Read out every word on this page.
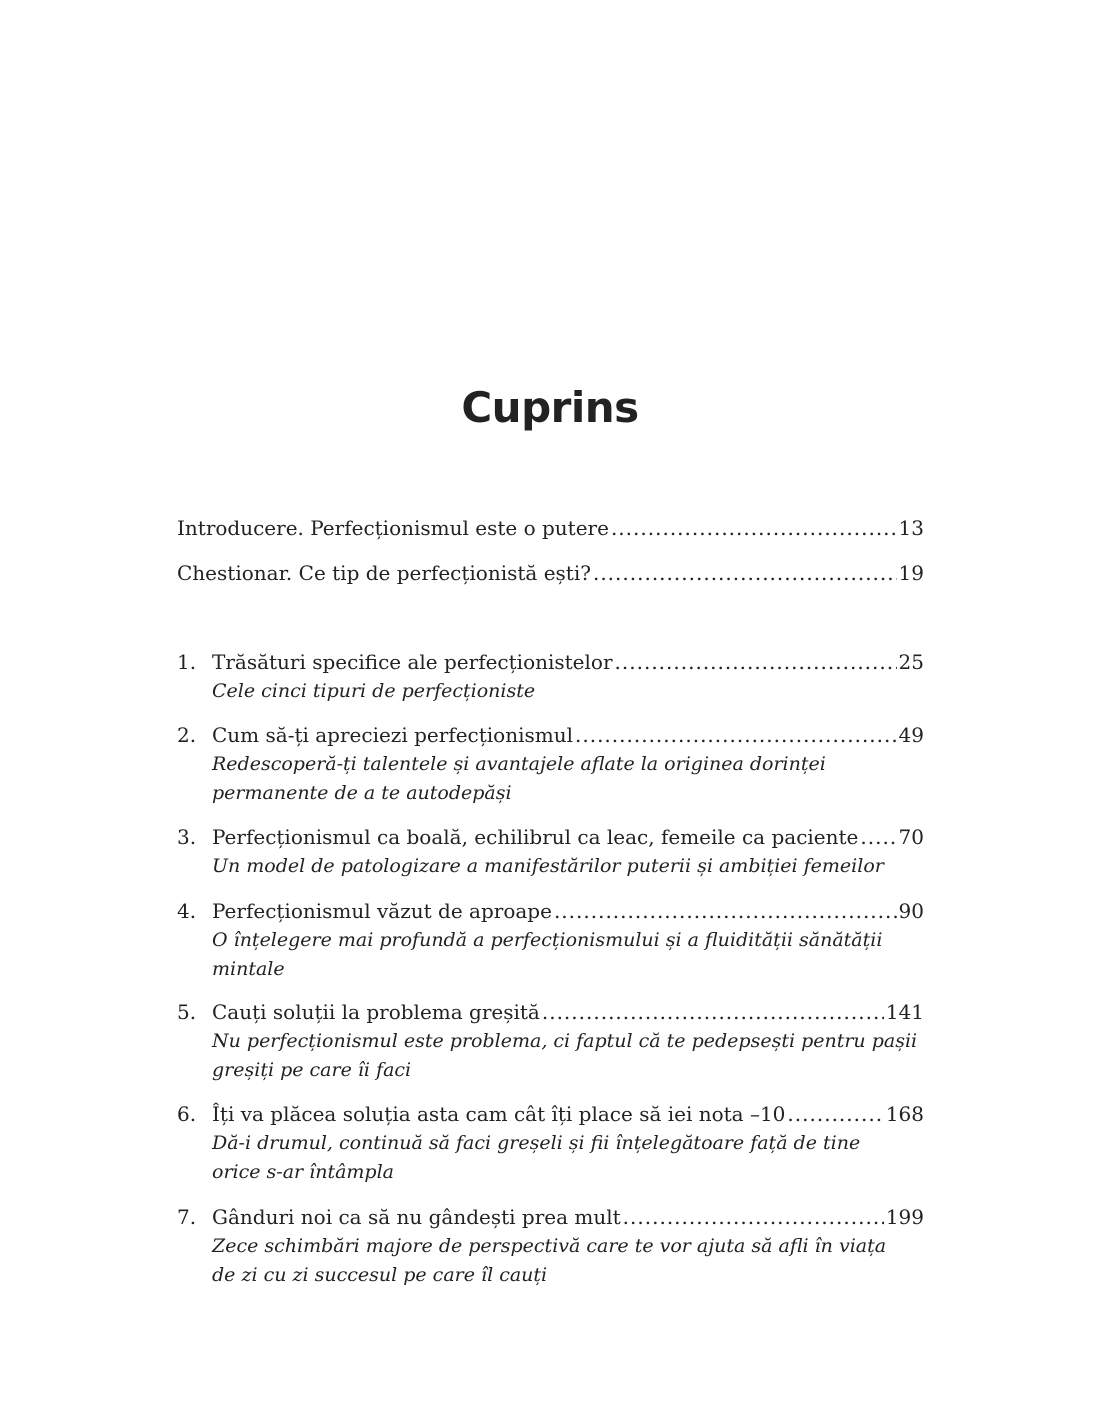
Cuprins
Introducere. Perfecționismul este o putere .....	13
Chestionar. Ce tip de perfecționistă ești? .....	19
1. Trăsături specifice ale perfecționistelor .....	25
Cele cinci tipuri de perfecționiste
2. Cum să-ți apreciezi perfecționismul .....	49
Redescoperă-ți talentele și avantajele aflate la originea dorinței
permanente de a te autodepăși
3. Perfecționismul ca boală, echilibrul ca leac, femeile ca paciente ..... 70
Un model de patologizare a manifestărilor puterii și ambiției femeilor
4. Perfecționismul văzut de aproape .....	90
O înțelegere mai profundă a perfecționismului și a fluidității sănătății
mintale
5. Cauți soluții la problema greșită .....	141
Nu perfecționismul este problema, ci faptul că te pedepsești pentru pașii
greșiți pe care îi faci
6. Îți va plăcea soluția asta cam cât îți place să iei nota –10 .....	168
Dă-i drumul, continuă să faci greșeli și fii înțelegătoare față de tine
orice s-ar întâmpla
7. Gânduri noi ca să nu gândești prea mult .....	199
Zece schimbări majore de perspectivă care te vor ajuta să afli în viața
de zi cu zi succesul pe care îl cauți
